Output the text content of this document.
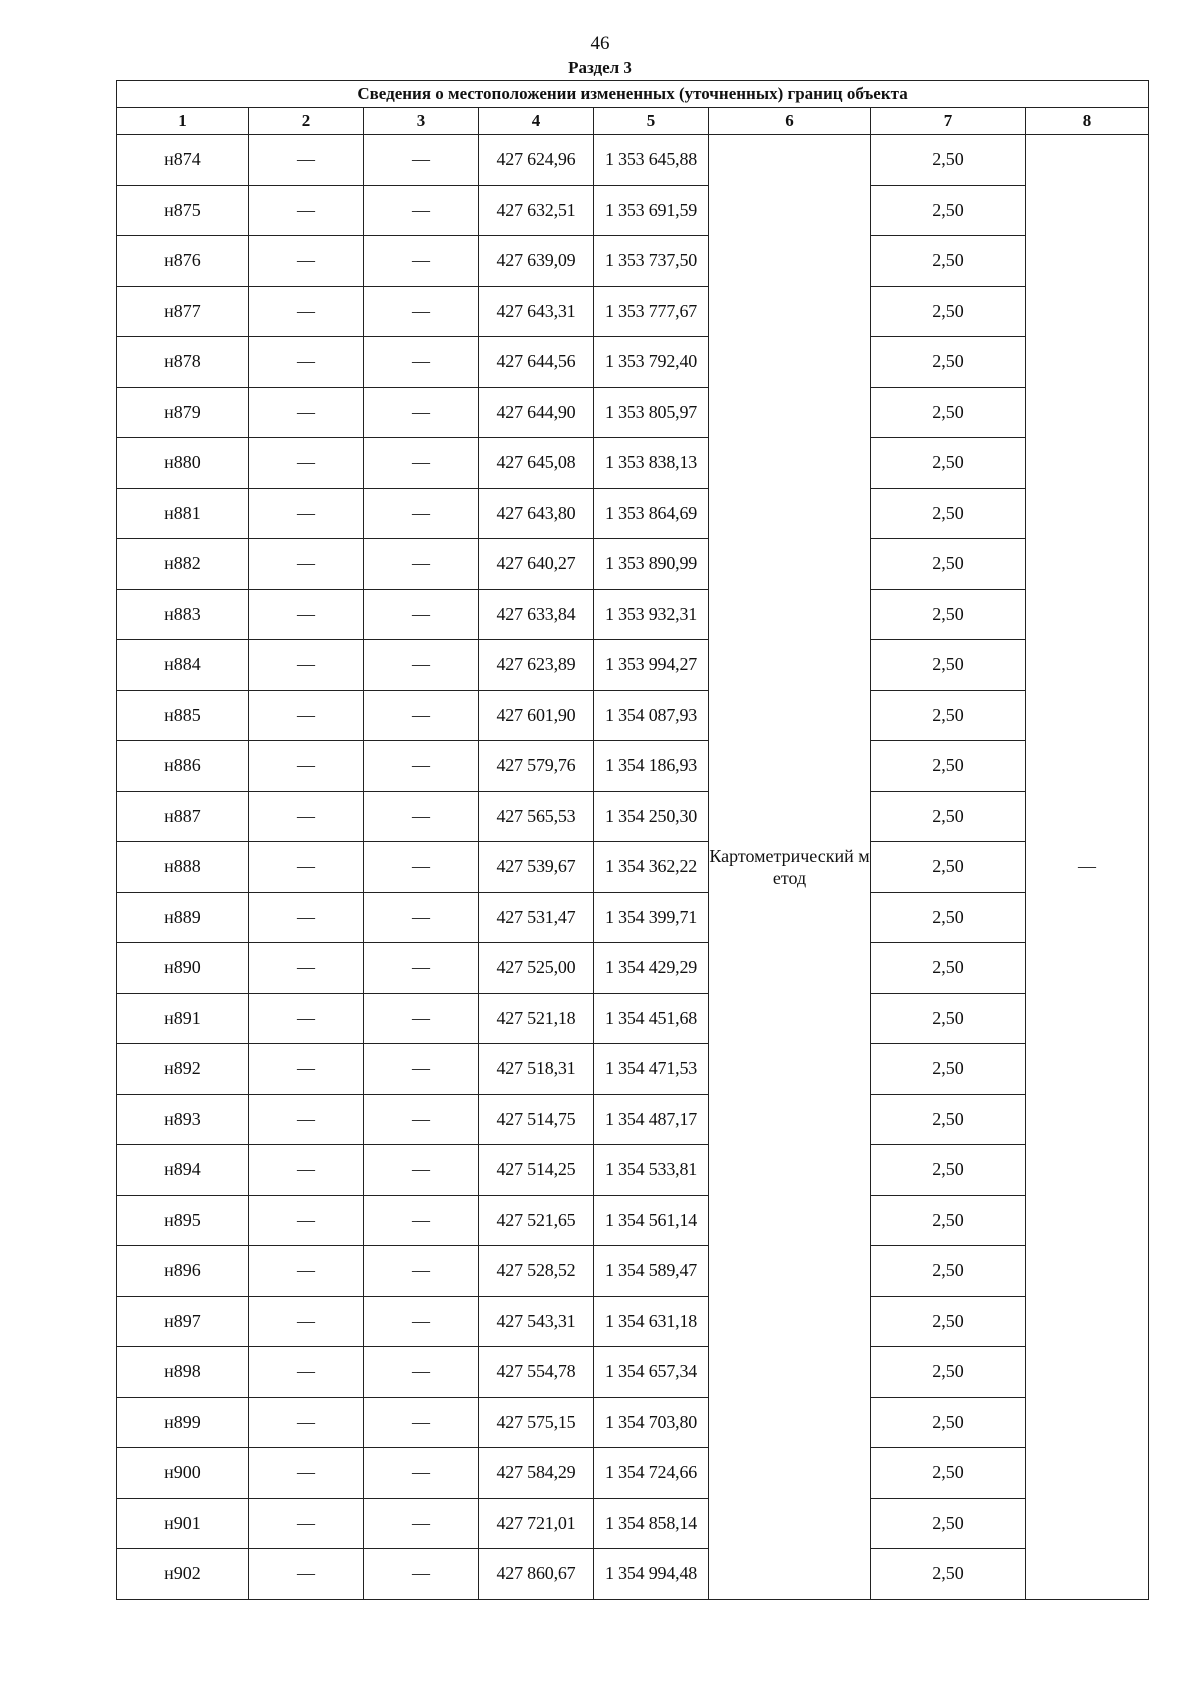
46
Раздел 3
Сведения о местоположении измененных (уточненных) границ объекта							
1	2	3	4	5	6	7	8
н874	—	—	427 624,96	1 353 645,88	Картометрический метод	2,50	—
н875	—	—	427 632,51	1 353 691,59		2,50	
н876	—	—	427 639,09	1 353 737,50		2,50	
н877	—	—	427 643,31	1 353 777,67		2,50	
н878	—	—	427 644,56	1 353 792,40		2,50	
н879	—	—	427 644,90	1 353 805,97		2,50	
н880	—	—	427 645,08	1 353 838,13		2,50	
н881	—	—	427 643,80	1 353 864,69		2,50	
н882	—	—	427 640,27	1 353 890,99		2,50	
н883	—	—	427 633,84	1 353 932,31		2,50	
н884	—	—	427 623,89	1 353 994,27		2,50	
н885	—	—	427 601,90	1 354 087,93		2,50	
н886	—	—	427 579,76	1 354 186,93		2,50	
н887	—	—	427 565,53	1 354 250,30		2,50	
н888	—	—	427 539,67	1 354 362,22		2,50	
н889	—	—	427 531,47	1 354 399,71		2,50	
н890	—	—	427 525,00	1 354 429,29		2,50	
н891	—	—	427 521,18	1 354 451,68		2,50	
н892	—	—	427 518,31	1 354 471,53		2,50	
н893	—	—	427 514,75	1 354 487,17		2,50	
н894	—	—	427 514,25	1 354 533,81		2,50	
н895	—	—	427 521,65	1 354 561,14		2,50	
н896	—	—	427 528,52	1 354 589,47		2,50	
н897	—	—	427 543,31	1 354 631,18		2,50	
н898	—	—	427 554,78	1 354 657,34		2,50	
н899	—	—	427 575,15	1 354 703,80		2,50	
н900	—	—	427 584,29	1 354 724,66		2,50	
н901	—	—	427 721,01	1 354 858,14		2,50	
н902	—	—	427 860,67	1 354 994,48		2,50	
